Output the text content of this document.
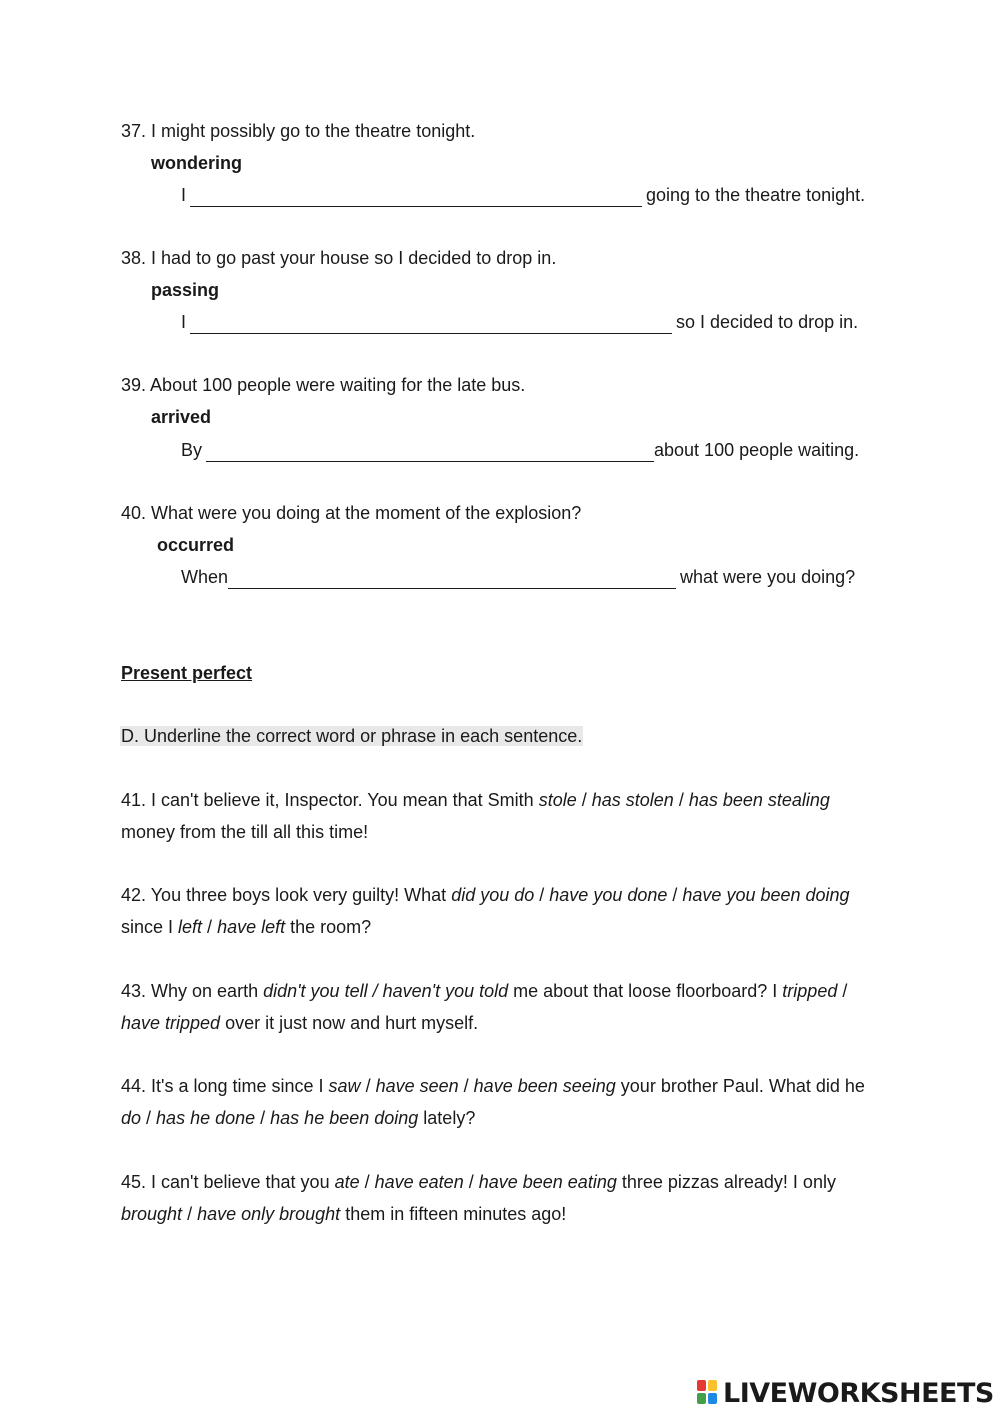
37. I might possibly go to the theatre tonight.
wondering
I	going to the theatre tonight.
38. I had to go past your house so I decided to drop in.
passing
I	so I decided to drop in.
39. About 100 people were waiting for the late bus.
arrived
By	about 100 people waiting.
40. What were you doing at the moment of the explosion?
occurred
When	what were you doing?
Present perfect
D. Underline the correct word or phrase in each sentence.
41. I can't believe it, Inspector. You mean that Smith stole / has stolen / has been stealing money from the till all this time!
42. You three boys look very guilty! What did you do / have you done / have you been doing since I left / have left the room?
43. Why on earth didn't you tell / haven't you told me about that loose floorboard? I tripped / have tripped over it just now and hurt myself.
44. It's a long time since I saw / have seen / have been seeing your brother Paul. What did he do / has he done / has he been doing lately?
45. I can't believe that you ate / have eaten / have been eating three pizzas already! I only brought / have only brought them in fifteen minutes ago!
LIVEWORKSHEETS
